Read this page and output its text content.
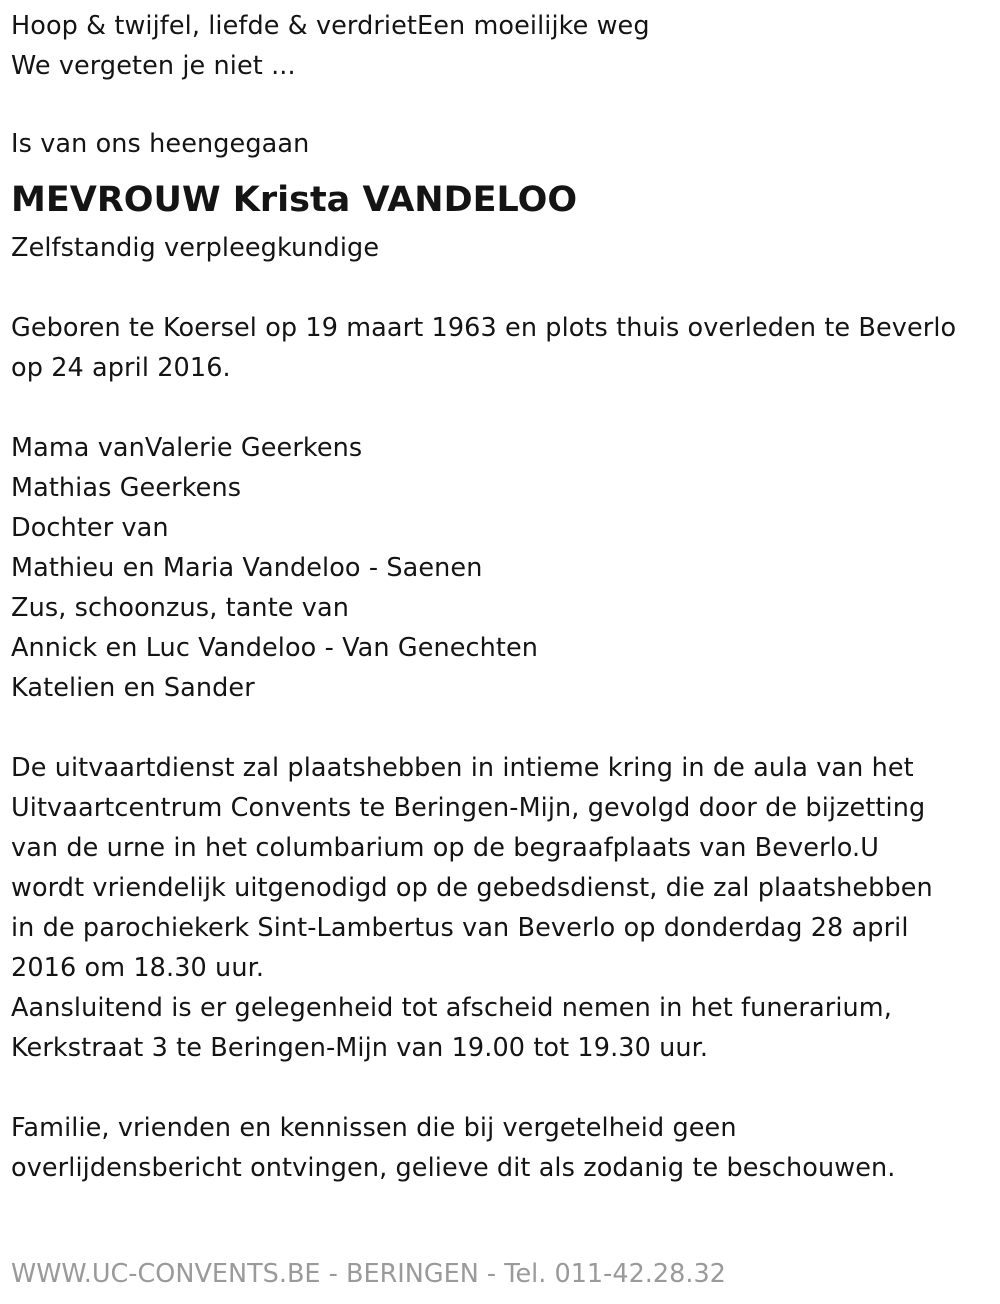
Hoop & twijfel, liefde & verdrietEen moeilijke weg
We vergeten je niet ...
Is van ons heengegaan
MEVROUW Krista VANDELOO
Zelfstandig verpleegkundige
Geboren te Koersel op 19 maart 1963 en plots thuis overleden te Beverlo
op 24 april 2016.
Mama vanValerie Geerkens
Mathias Geerkens
Dochter van
Mathieu en Maria Vandeloo - Saenen
Zus, schoonzus, tante van
Annick en Luc Vandeloo - Van Genechten
Katelien en Sander
De uitvaartdienst zal plaatshebben in intieme kring in de aula van het
Uitvaartcentrum Convents te Beringen-Mijn, gevolgd door de bijzetting
van de urne in het columbarium op de begraafplaats van Beverlo.U
wordt vriendelijk uitgenodigd op de gebedsdienst, die zal plaatshebben
in de parochiekerk Sint-Lambertus van Beverlo op donderdag 28 april
2016 om 18.30 uur.
Aansluitend is er gelegenheid tot afscheid nemen in het funerarium,
Kerkstraat 3 te Beringen-Mijn van 19.00 tot 19.30 uur.
Familie, vrienden en kennissen die bij vergetelheid geen
overlijdensbericht ontvingen, gelieve dit als zodanig te beschouwen.
WWW.UC-CONVENTS.BE - BERINGEN - Tel. 011-42.28.32
